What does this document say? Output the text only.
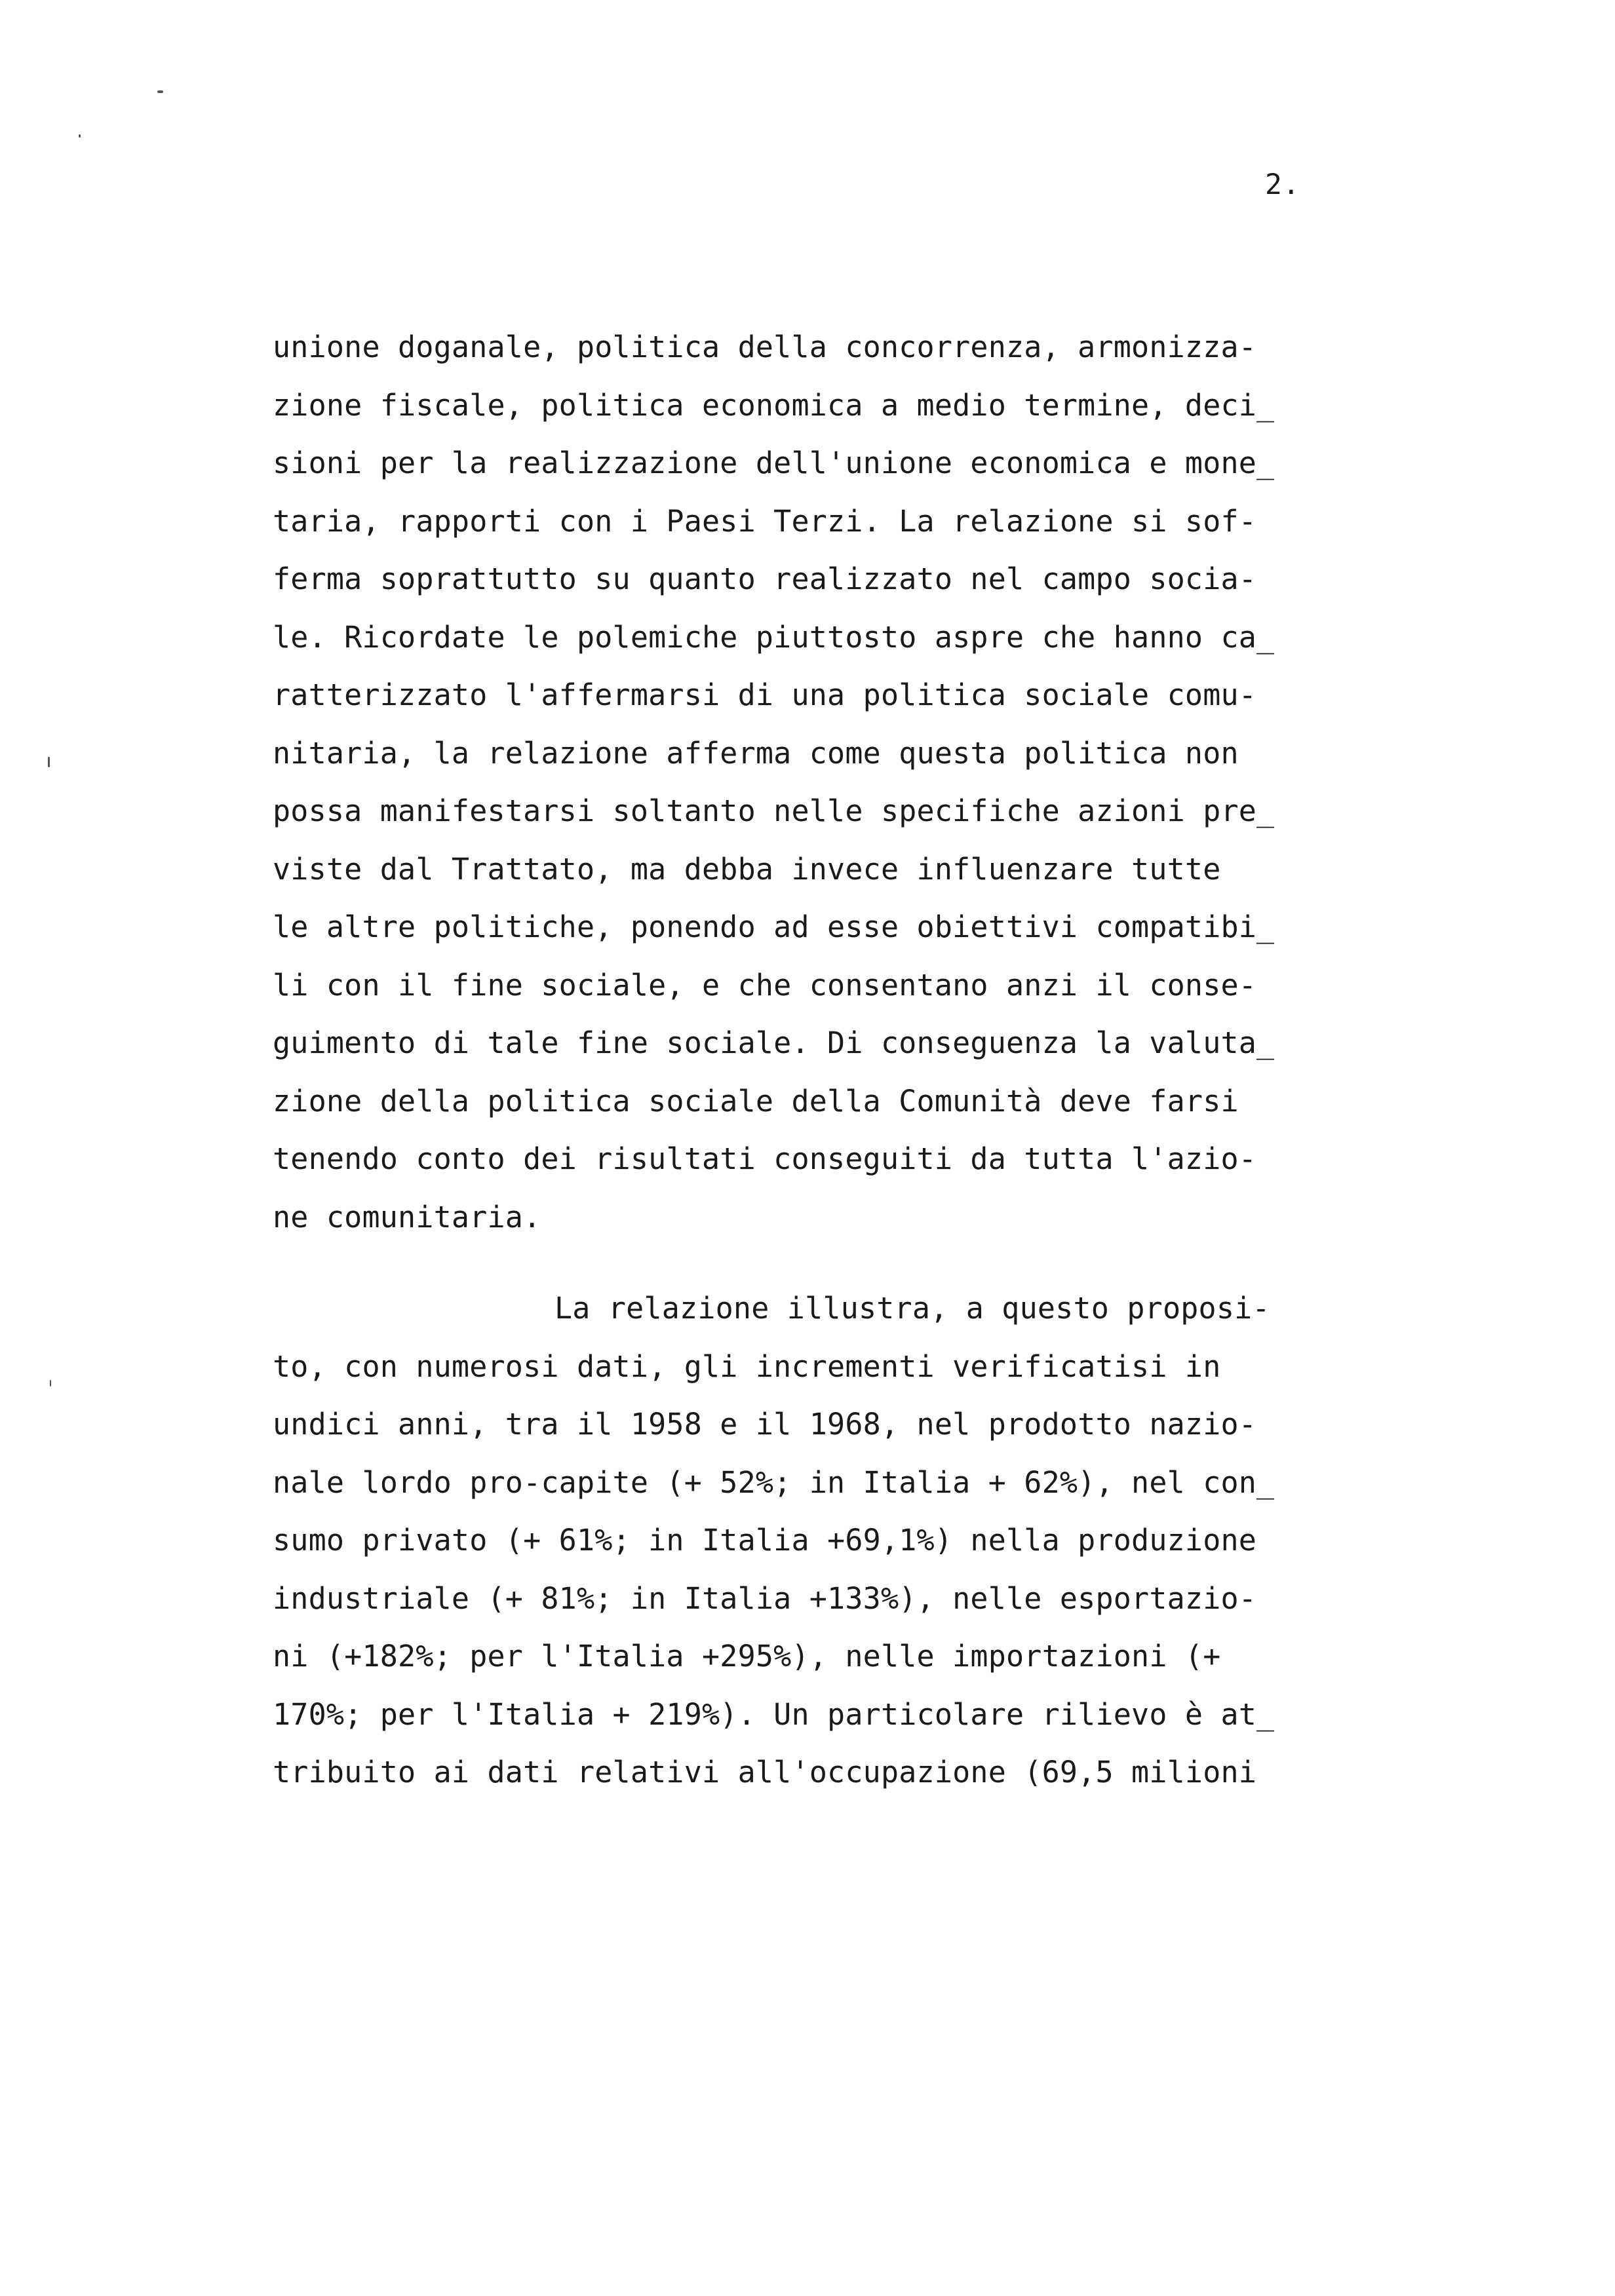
2.
unione doganale, politica della concorrenza, armonizza-
zione fiscale, politica economica a medio termine, deci̲
sioni per la realizzazione dell'unione economica e mone̲
taria, rapporti con i Paesi Terzi. La relazione si sof-
ferma soprattutto su quanto realizzato nel campo socia-
le. Ricordate le polemiche piuttosto aspre che hanno ca̲
ratterizzato l'affermarsi di una politica sociale comu-
nitaria, la relazione afferma come questa politica non
possa manifestarsi soltanto nelle specifiche azioni pre̲
viste dal Trattato, ma debba invece influenzare tutte
le altre politiche, ponendo ad esse obiettivi compatibi̲
li con il fine sociale, e che consentano anzi il conse-
guimento di tale fine sociale. Di conseguenza la valuta̲
zione della politica sociale della Comunità deve farsi
tenendo conto dei risultati conseguiti da tutta l'azio-
ne comunitaria.
La relazione illustra, a questo proposi-
to, con numerosi dati, gli incrementi verificatisi in
undici anni, tra il 1958 e il 1968, nel prodotto nazio-
nale lordo pro-capite (+ 52%; in Italia + 62%), nel con̲
sumo privato (+ 61%; in Italia +69,1%) nella produzione
industriale (+ 81%; in Italia +133%), nelle esportazio-
ni (+182%; per l'Italia +295%), nelle importazioni (+
170%; per l'Italia + 219%). Un particolare rilievo è at̲
tribuito ai dati relativi all'occupazione (69,5 milioni
